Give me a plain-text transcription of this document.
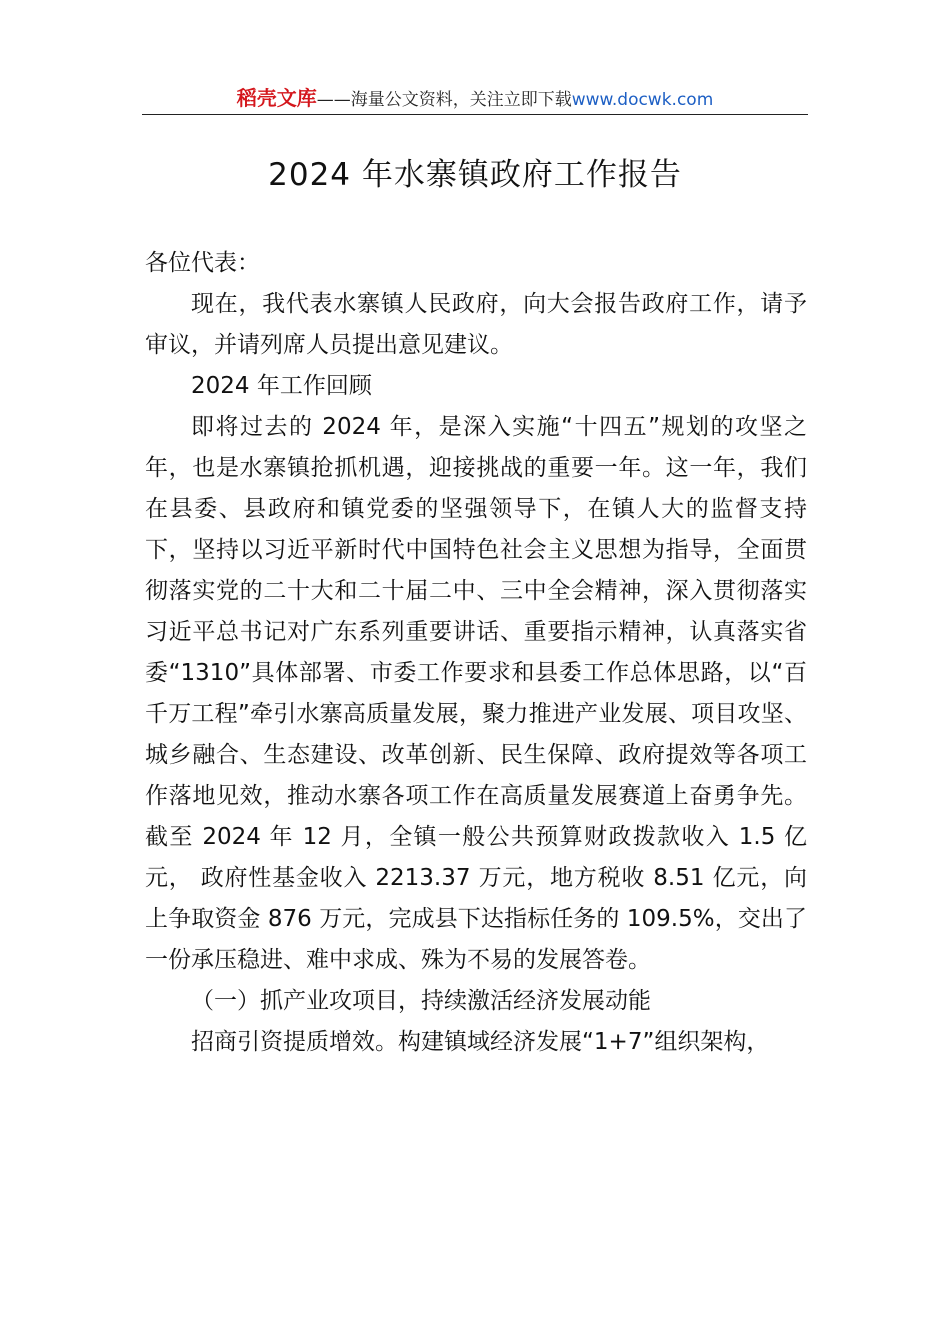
稻壳文库——海量公文资料，关注立即下载www.docwk.com
2024 年水寨镇政府工作报告

各位代表：

现在，我代表水寨镇人民政府，向大会报告政府工作，请予审议，并请列席人员提出意见建议。

2024 年工作回顾

即将过去的 2024 年，是深入实施“十四五”规划的攻坚之年，也是水寨镇抢抓机遇，迎接挑战的重要一年。这一年，我们在县委、县政府和镇党委的坚强领导下，在镇人大的监督支持下，坚持以习近平新时代中国特色社会主义思想为指导，全面贯彻落实党的二十大和二十届二中、三中全会精神，深入贯彻落实习近平总书记对广东系列重要讲话、重要指示精神，认真落实省委“1310”具体部署、市委工作要求和县委工作总体思路，以“百千万工程”牵引水寨高质量发展，聚力推进产业发展、项目攻坚、城乡融合、生态建设、改革创新、民生保障、政府提效等各项工作落地见效，推动水寨各项工作在高质量发展赛道上奋勇争先。截至 2024 年 12 月，全镇一般公共预算财政拨款收入 1.5 亿元， 政府性基金收入 2213.37 万元，地方税收 8.51 亿元，向上争取资金 876 万元，完成县下达指标任务的 109.5%，交出了一份承压稳进、难中求成、殊为不易的发展答卷。

（一）抓产业攻项目，持续激活经济发展动能

招商引资提质增效。构建镇域经济发展“1+7”组织架构，
